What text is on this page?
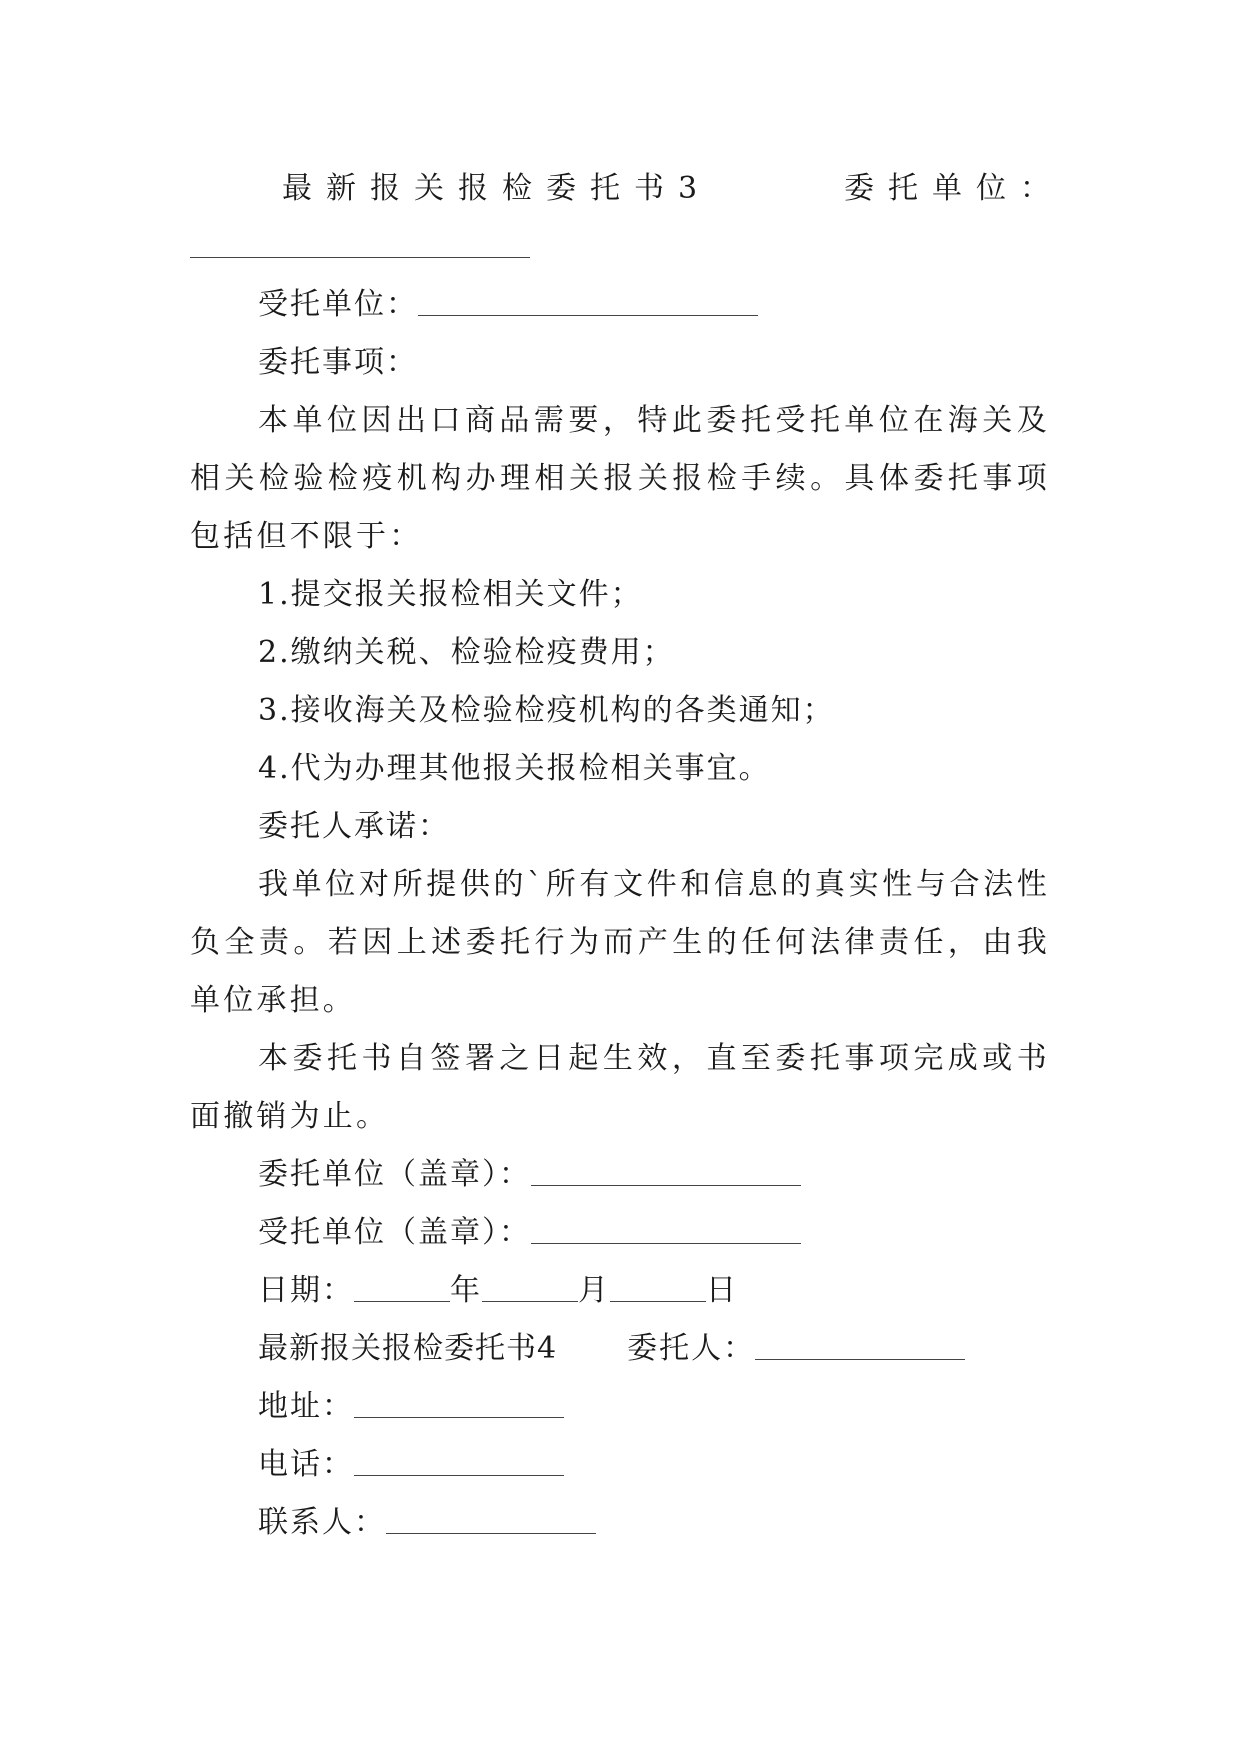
最新报关报检委托书3	委托单位：
受托单位：
委托事项：

本单位因出口商品需要，特此委托受托单位在海关及相关检验检疫机构办理相关报关报检手续。具体委托事项包括但不限于：

1.提交报关报检相关文件；
2.缴纳关税、检验检疫费用；
3.接收海关及检验检疫机构的各类通知；
4.代为办理其他报关报检相关事宜。
委托人承诺：

我单位对所提供的`所有文件和信息的真实性与合法性负全责。若因上述委托行为而产生的任何法律责任，由我单位承担。

本委托书自签署之日起生效，直至委托事项完成或书面撤销为止。

委托单位（盖章）：
受托单位（盖章）：
日期：	年	月	日
最新报关报检委托书4 委托人：
地址：
电话：
联系人：
